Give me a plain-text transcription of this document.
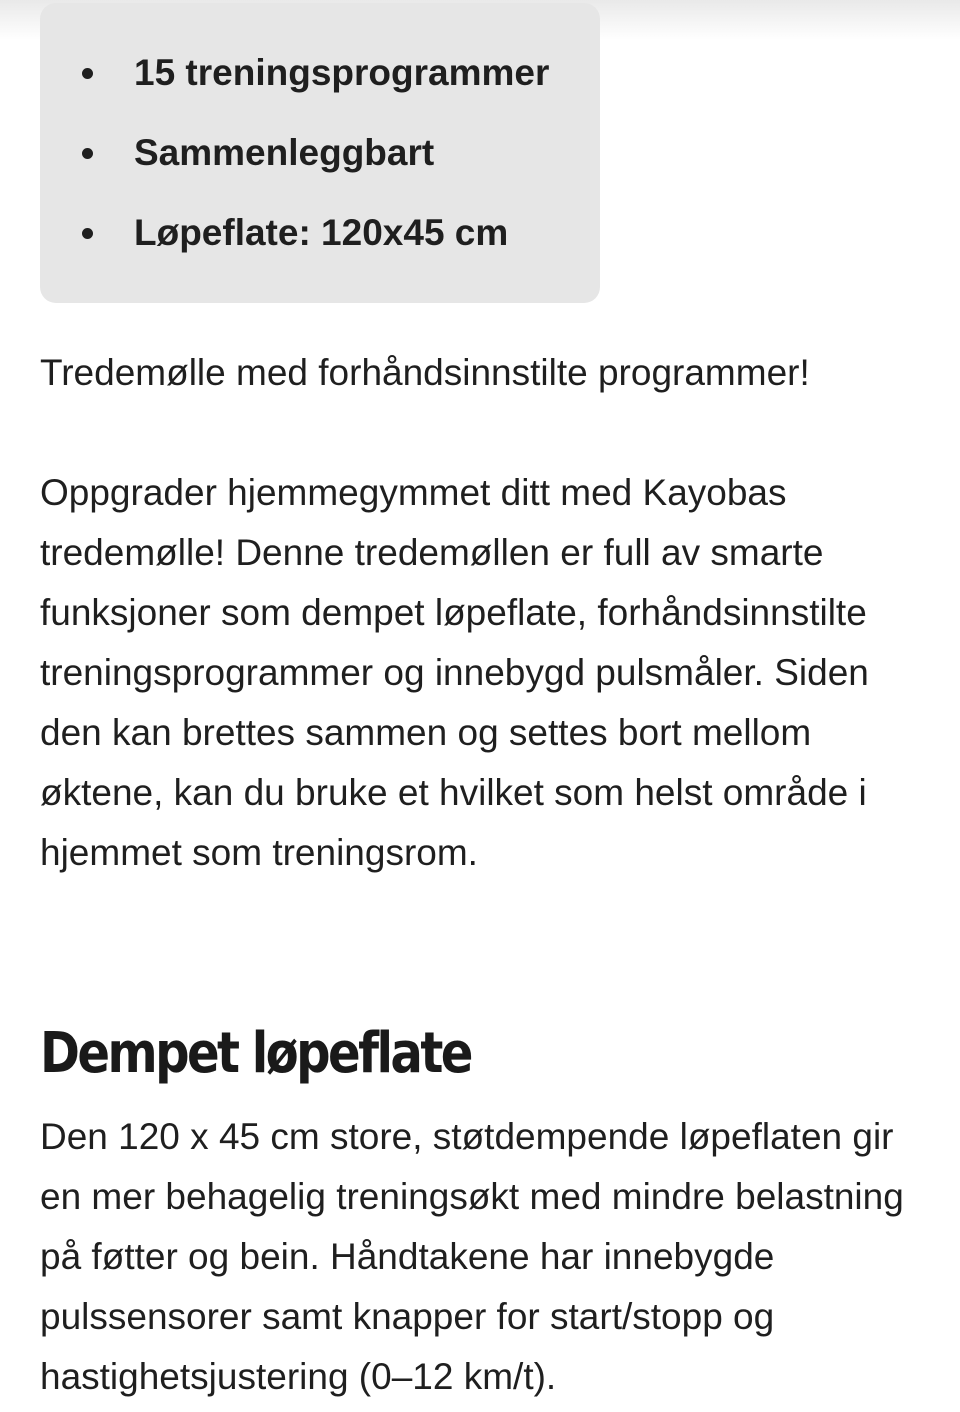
15 treningsprogrammer
Sammenleggbart
Løpeflate: 120x45 cm

Tredemølle med forhåndsinnstilte programmer!

Oppgrader hjemmegymmet ditt med Kayobas tredemølle! Denne tredemøllen er full av smarte funksjoner som dempet løpeflate, forhåndsinnstilte treningsprogrammer og innebygd pulsmåler. Siden den kan brettes sammen og settes bort mellom øktene, kan du bruke et hvilket som helst område i hjemmet som treningsrom.

Dempet løpeflate

Den 120 x 45 cm store, støtdempende løpeflaten gir en mer behagelig treningsøkt med mindre belastning på føtter og bein. Håndtakene har innebygde pulssensorer samt knapper for start/stopp og hastighetsjustering (0–12 km/t).
